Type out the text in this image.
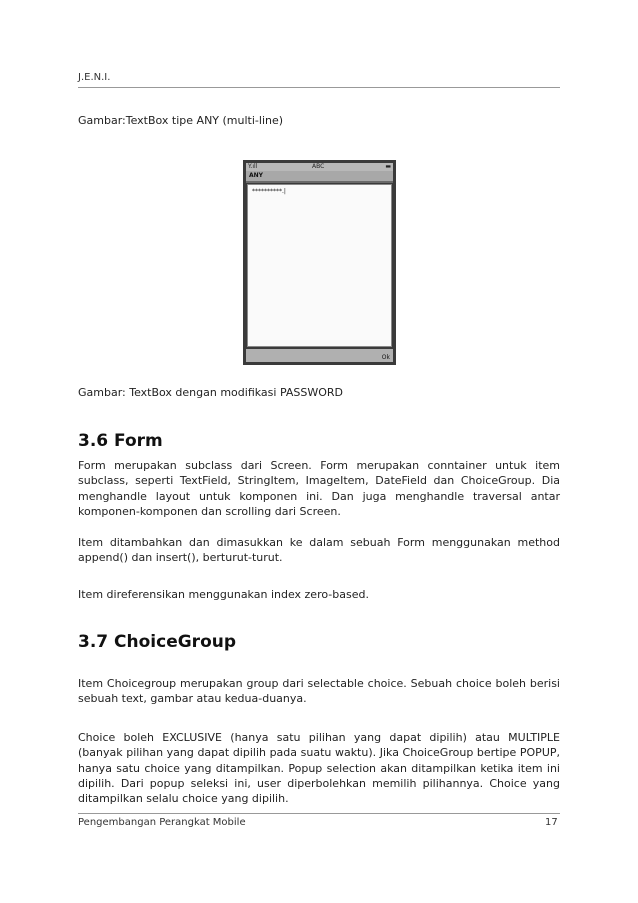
J.E.N.I.
Gambar:TextBox tipe ANY (multi-line)
Y.ıll	ABC	▬
ANY
**********.|
Ok
Gambar: TextBox dengan modifikasi PASSWORD
3.6 Form
Form merupakan subclass dari Screen. Form merupakan conntainer untuk item subclass, seperti TextField, StringItem, ImageItem, DateField dan ChoiceGroup. Dia menghandle layout untuk komponen ini. Dan juga menghandle traversal antar komponen-komponen dan scrolling dari Screen.
Item ditambahkan dan dimasukkan ke dalam sebuah Form menggunakan method append() dan insert(), berturut-turut.
Item direferensikan menggunakan index zero-based.
3.7 ChoiceGroup
Item Choicegroup merupakan group dari selectable choice. Sebuah choice boleh berisi sebuah text, gambar atau kedua-duanya.
Choice boleh EXCLUSIVE (hanya satu pilihan yang dapat dipilih) atau MULTIPLE (banyak pilihan yang dapat dipilih pada suatu waktu). Jika ChoiceGroup bertipe POPUP, hanya satu choice yang ditampilkan. Popup selection akan ditampilkan ketika item ini dipilih. Dari popup seleksi ini, user diperbolehkan memilih pilihannya. Choice yang ditampilkan selalu choice yang dipilih.
Pengembangan Perangkat Mobile	17
